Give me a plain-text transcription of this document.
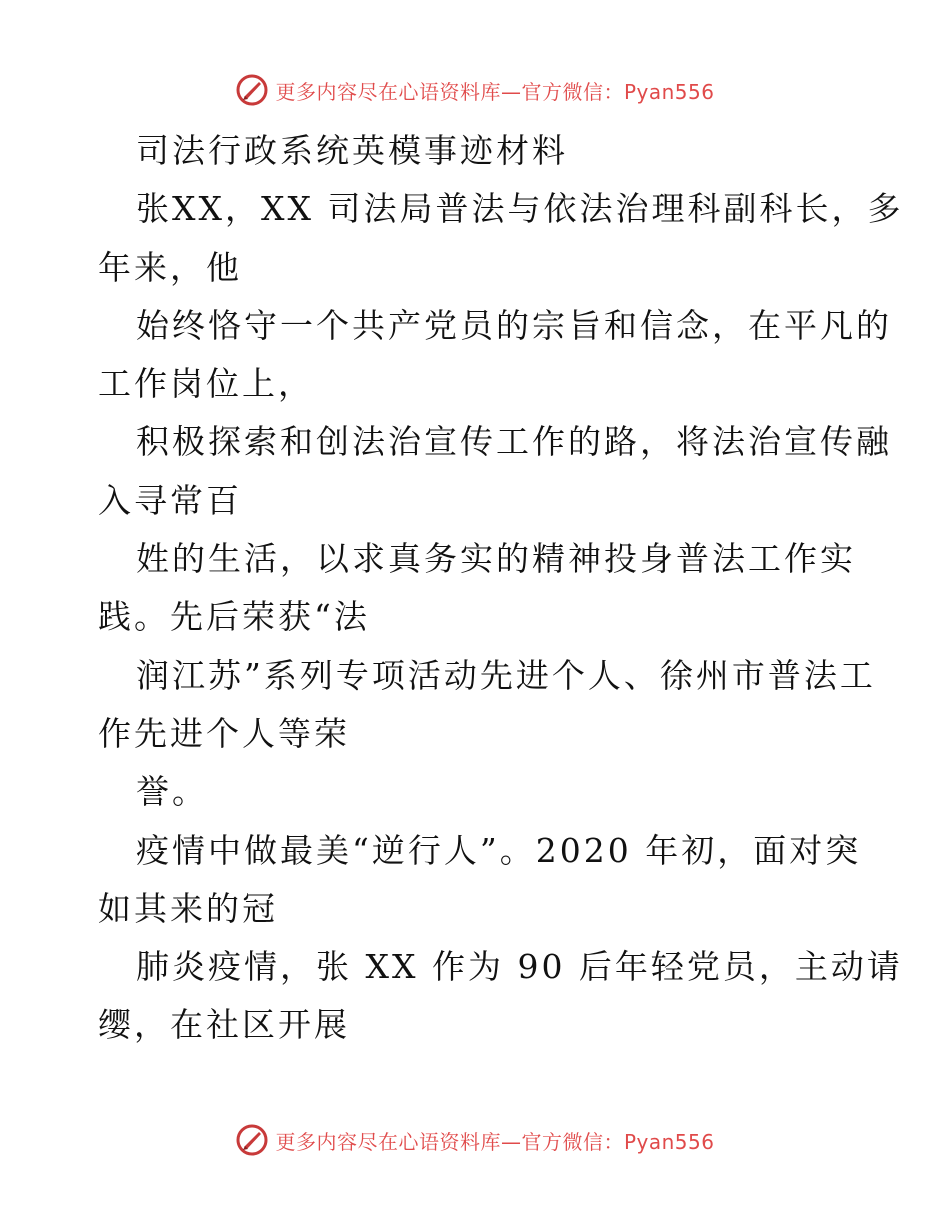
更多内容尽在心语资料库—官方微信：Pyan556
司法行政系统英模事迹材料
张XX，XX 司法局普法与依法治理科副科长，多
年来，他
始终恪守一个共产党员的宗旨和信念，在平凡的
工作岗位上，
积极探索和创法治宣传工作的路，将法治宣传融
入寻常百
姓的生活，以求真务实的精神投身普法工作实
践。先后荣获“法
润江苏”系列专项活动先进个人、徐州市普法工
作先进个人等荣
誉。
疫情中做最美“逆行人”。2020 年初，面对突
如其来的冠
肺炎疫情，张 XX 作为 90 后年轻党员，主动请
缨，在社区开展
更多内容尽在心语资料库—官方微信：Pyan556
